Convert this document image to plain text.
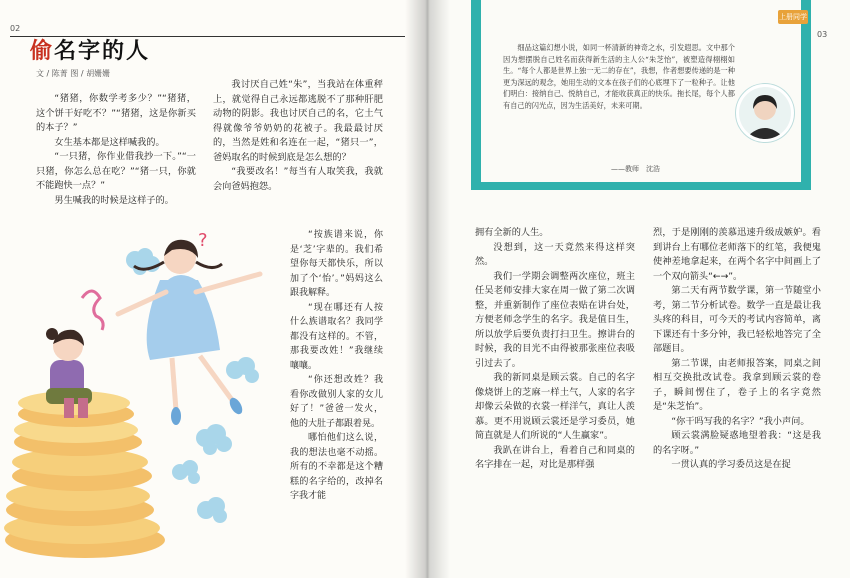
02
偷名字的人
文 / 陈菁 图 / 胡姗姗

“猪猪，你数学考多少？”“猪猪，这个饼干好吃不？”“猪猪，这是你新买的本子？”

女生基本都是这样喊我的。

“一只猪，你作业借我抄一下。”“一只猪，你怎么总在吃？”“猪一只，你就不能跑快一点？”

男生喊我的时候是这样子的。

我讨厌自己姓“朱”，当我站在体重秤上，就觉得自己永远都逃脱不了那种肝肥动物的阴影。我也讨厌自己的名，它土气得就像爷爷奶奶的花被子。我最最讨厌的，当然是姓和名连在一起，“猪只一”，爸妈取名的时候到底是怎么想的？

“我要改名！”每当有人取笑我，我就会向爸妈抱怨。

“按族谱来说，你是‘芝’字辈的。我们希望你每天都快乐，所以加了个‘怡’。”妈妈这么跟我解释。

“现在哪还有人按什么族谱取名？我同学都没有这样的。不管，那我要改姓！”我继续嚷嚷。

“你还想改姓？我看你改做别人家的女儿好了！”爸爸一发火，他的大肚子都跟着晃。

哪怕他们这么说，我的想法也毫不动摇。所有的不幸都是这个糟糕的名字给的，改掉名字我才能

?

细品这篇幻想小说，如同一杯清新的神奇之水，引发遐思。文中那个因为想摆脱自己姓名而获得新生活的主人公“朱芝怡”，被塑造得栩栩如生。“每个人都是世界上独一无二的存在”，我想，作者想要传递的是一种更为深远的观念，她用生动的文本在孩子们的心底埋下了一粒种子。让他们明白：接纳自己、悦纳自己，才能收获真正的快乐。拖长尾，每个人都有自己的闪光点，因为生活美好，未来可期。

——教师　沈浩
03
上册同学

拥有全新的人生。

没想到，这一天竟然来得这样突然。

我们一学期会调整两次座位，班主任吴老师安排大家在周一做了第二次调整，并重新制作了座位表贴在讲台处，方便老师念学生的名字。我是值日生，所以放学后要负责打扫卫生。擦讲台的时候，我的目光不由得被那张座位表吸引过去了。

我的新同桌是顾云裳。自己的名字像烧饼上的芝麻一样土气，人家的名字却像云朵做的衣裳一样洋气，真让人羡慕。更不用说顾云裳还是学习委员，她简直就是人们所说的“人生赢家”。

我趴在讲台上，看着自己和同桌的名字排在一起，对比是那样强

烈，于是刚刚的羡慕迅速升级成嫉妒。看到讲台上有哪位老师落下的红笔，我便鬼使神差地拿起来，在两个名字中间画上了一个双向箭头“←→”。

第二天有两节数学课，第一节随堂小考，第二节分析试卷。数学一直是最让我头疼的科目，可今天的考试内容简单，离下课还有十多分钟，我已轻松地答完了全部题目。

第二节课，由老师报答案，同桌之间相互交换批改试卷。我拿到顾云裳的卷子，瞬间愣住了，卷子上的名字竟然是“朱芝怡”。

“你干吗写我的名字？”我小声问。

顾云裳满脸疑惑地望着我：“这是我的名字呀。”

一贯认真的学习委员这是在捉
